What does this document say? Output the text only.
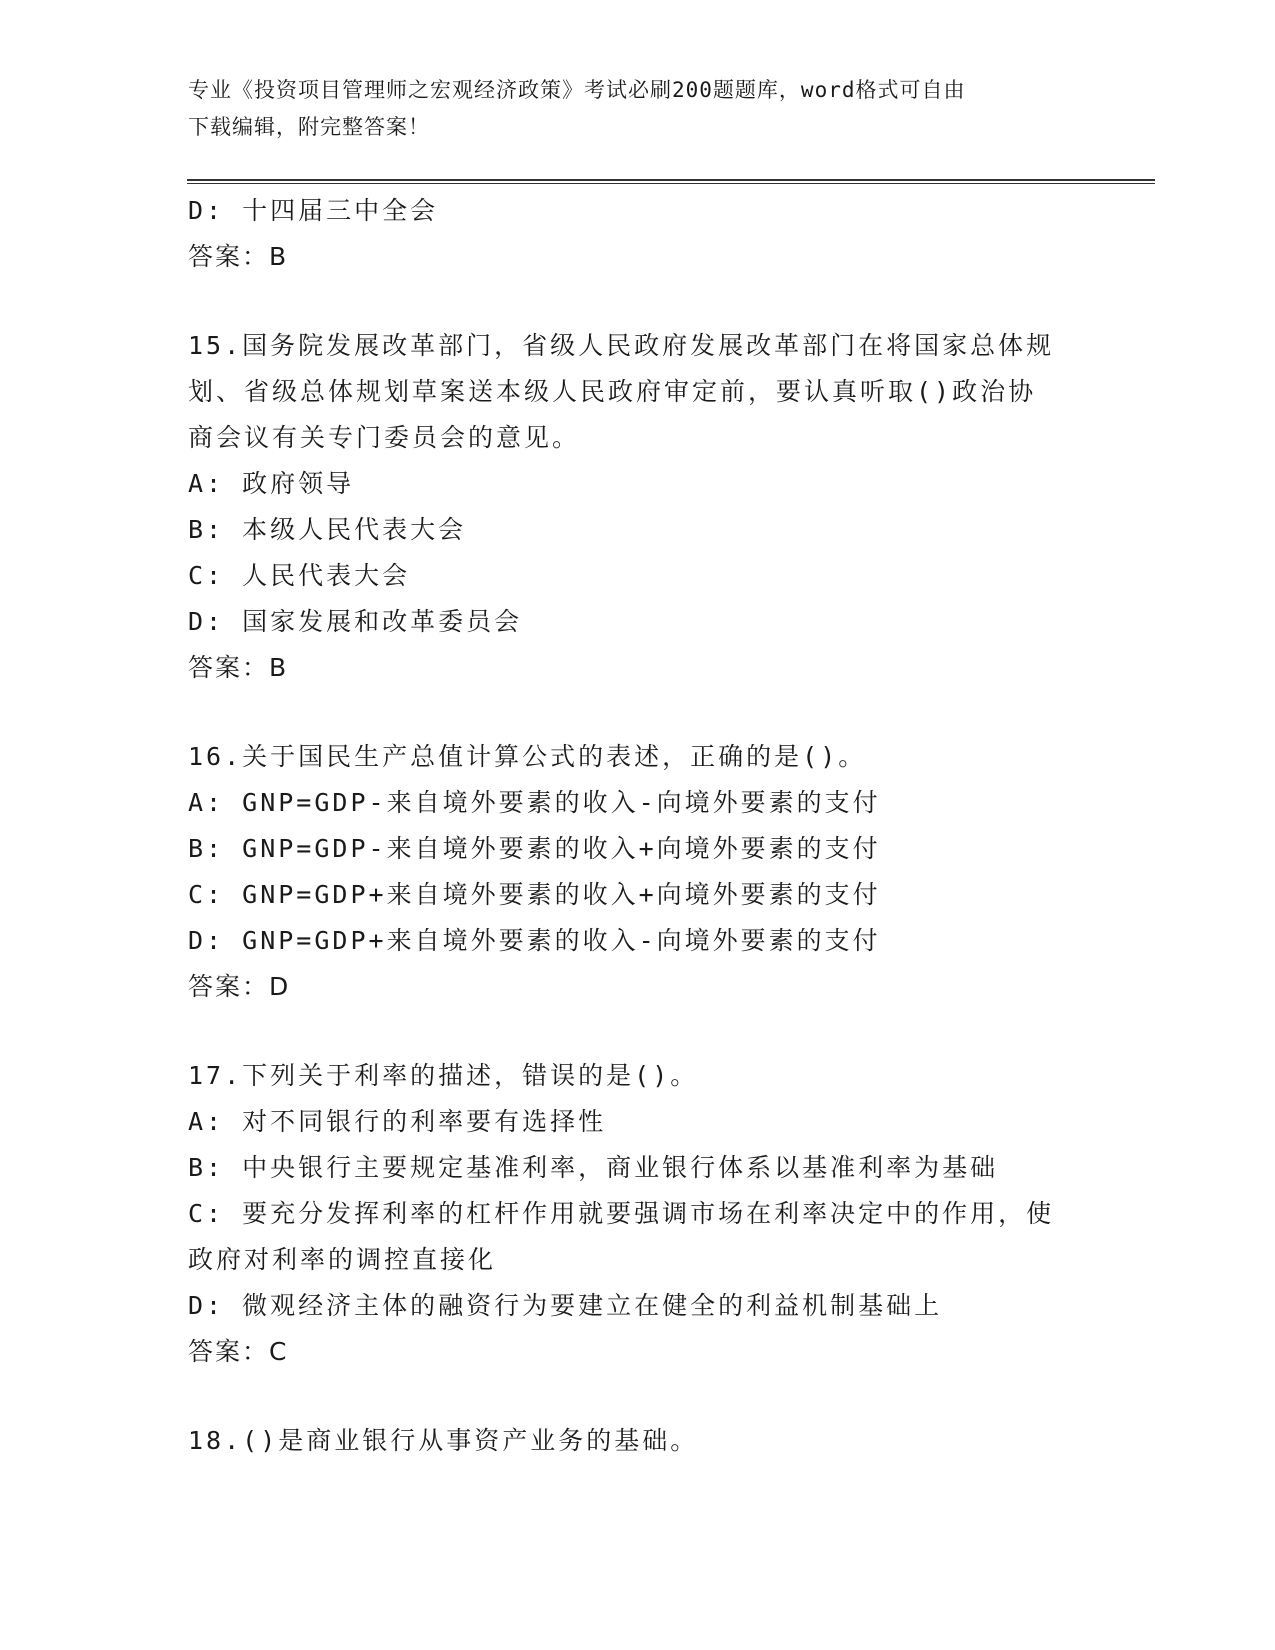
专业《投资项目管理师之宏观经济政策》考试必刷200题题库，word格式可自由
下载编辑，附完整答案！
D: 十四届三中全会
答案：B
15.国务院发展改革部门，省级人民政府发展改革部门在将国家总体规
划、省级总体规划草案送本级人民政府审定前，要认真听取()政治协
商会议有关专门委员会的意见。
A: 政府领导
B: 本级人民代表大会
C: 人民代表大会
D: 国家发展和改革委员会
答案：B
16.关于国民生产总值计算公式的表述，正确的是()。
A: GNP=GDP-来自境外要素的收入-向境外要素的支付
B: GNP=GDP-来自境外要素的收入+向境外要素的支付
C: GNP=GDP+来自境外要素的收入+向境外要素的支付
D: GNP=GDP+来自境外要素的收入-向境外要素的支付
答案：D
17.下列关于利率的描述，错误的是()。
A: 对不同银行的利率要有选择性
B: 中央银行主要规定基准利率，商业银行体系以基准利率为基础
C: 要充分发挥利率的杠杆作用就要强调市场在利率决定中的作用，使
政府对利率的调控直接化
D: 微观经济主体的融资行为要建立在健全的利益机制基础上
答案：C
18.()是商业银行从事资产业务的基础。
